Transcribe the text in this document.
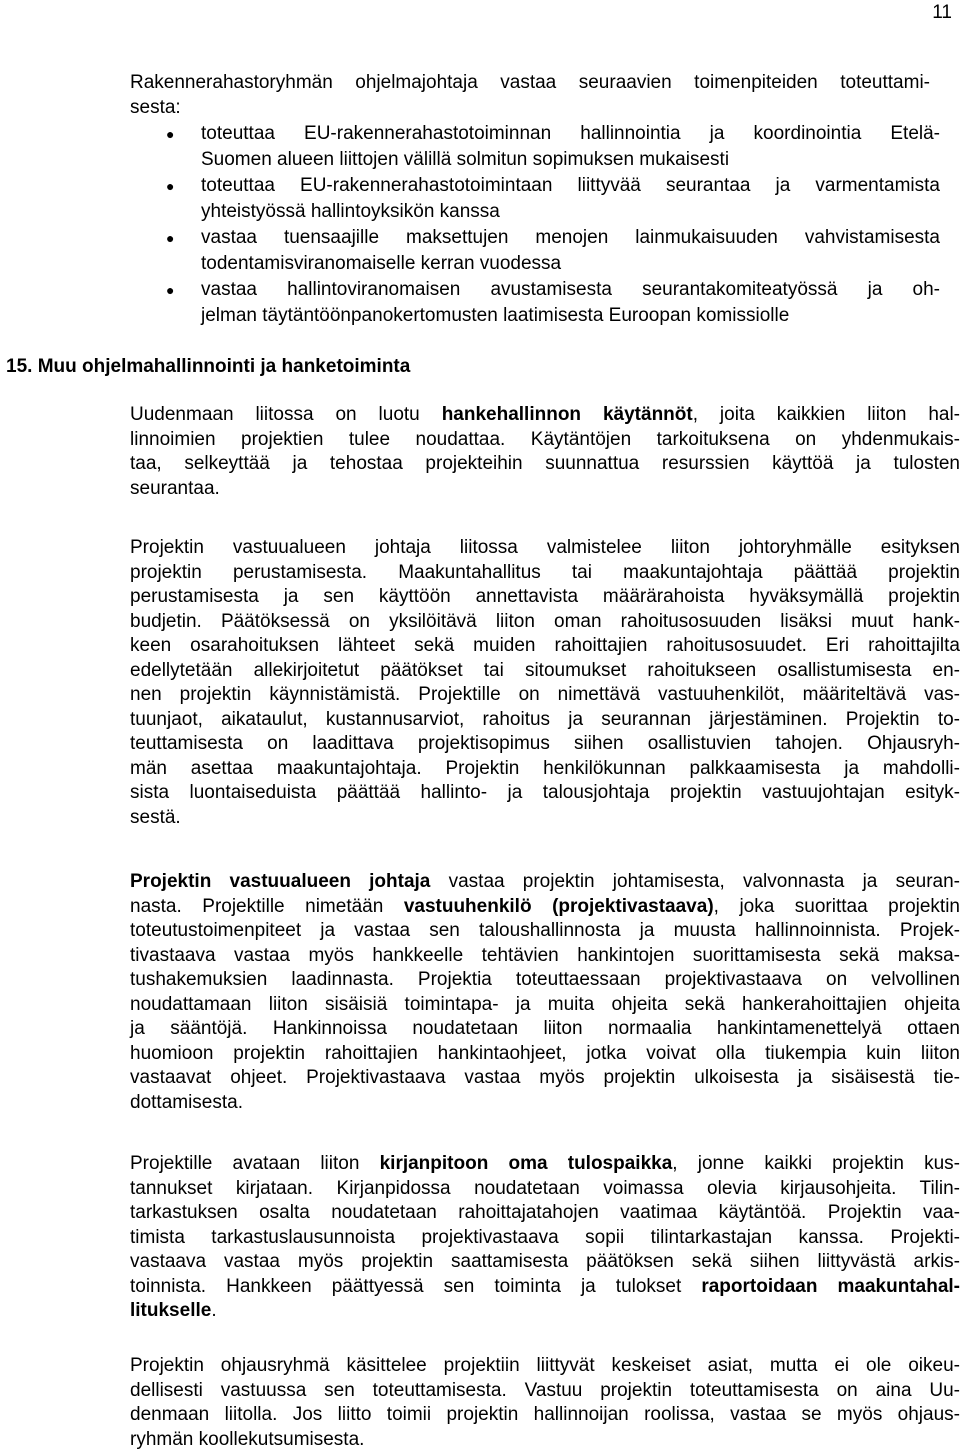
11

Rakennerahastoryhmän ohjelmajohtaja vastaa seuraavien toimenpiteiden toteuttami-
sesta:

● toteuttaa EU-rakennerahastotoiminnan hallinnointia ja koordinointia Etelä-
Suomen alueen liittojen välillä solmitun sopimuksen mukaisesti
● toteuttaa EU-rakennerahastotoimintaan liittyvää seurantaa ja varmentamista
yhteistyössä hallintoyksikön kanssa
● vastaa tuensaajille maksettujen menojen lainmukaisuuden vahvistamisesta
todentamisviranomaiselle kerran vuodessa
● vastaa hallintoviranomaisen avustamisesta seurantakomiteatyössä ja oh-
jelman täytäntöönpanokertomusten laatimisesta Euroopan komissiolle
15. Muu ohjelmahallinnointi ja hanketoiminta

Uudenmaan liitossa on luotu hankehallinnon käytännöt, joita kaikkien liiton hal-
linnoimien projektien tulee noudattaa. Käytäntöjen tarkoituksena on yhdenmukais-
taa, selkeyttää ja tehostaa projekteihin suunnattua resurssien käyttöä ja tulosten
seurantaa.

Projektin vastuualueen johtaja liitossa valmistelee liiton johtoryhmälle esityksen
projektin perustamisesta. Maakuntahallitus tai maakuntajohtaja päättää projektin
perustamisesta ja sen käyttöön annettavista määrärahoista hyväksymällä projektin
budjetin. Päätöksessä on yksilöitävä liiton oman rahoitusosuuden lisäksi muut hank-
keen osarahoituksen lähteet sekä muiden rahoittajien rahoitusosuudet. Eri rahoittajilta
edellytetään allekirjoitetut päätökset tai sitoumukset rahoitukseen osallistumisesta en-
nen projektin käynnistämistä. Projektille on nimettävä vastuuhenkilöt, määriteltävä vas-
tuunjaot, aikataulut, kustannusarviot, rahoitus ja seurannan järjestäminen. Projektin to-
teuttamisesta on laadittava projektisopimus siihen osallistuvien tahojen. Ohjausryh-
män asettaa maakuntajohtaja. Projektin henkilökunnan palkkaamisesta ja mahdolli-
sista luontaiseduista päättää hallinto- ja talousjohtaja projektin vastuujohtajan esityk-
sestä.

Projektin vastuualueen johtaja vastaa projektin johtamisesta, valvonnasta ja seuran-
nasta. Projektille nimetään vastuuhenkilö (projektivastaava), joka suorittaa projektin
toteutustoimenpiteet ja vastaa sen taloushallinnosta ja muusta hallinnoinnista. Projek-
tivastaava vastaa myös hankkeelle tehtävien hankintojen suorittamisesta sekä maksa-
tushakemuksien laadinnasta. Projektia toteuttaessaan projektivastaava on velvollinen
noudattamaan liiton sisäisiä toimintapa- ja muita ohjeita sekä hankerahoittajien ohjeita
ja sääntöjä. Hankinnoissa noudatetaan liiton normaalia hankintamenettelyä ottaen
huomioon projektin rahoittajien hankintaohjeet, jotka voivat olla tiukempia kuin liiton
vastaavat ohjeet. Projektivastaava vastaa myös projektin ulkoisesta ja sisäisestä tie-
dottamisesta.

Projektille avataan liiton kirjanpitoon oma tulospaikka, jonne kaikki projektin kus-
tannukset kirjataan. Kirjanpidossa noudatetaan voimassa olevia kirjausohjeita. Tilin-
tarkastuksen osalta noudatetaan rahoittajatahojen vaatimaa käytäntöä. Projektin vaa-
timista tarkastuslausunnoista projektivastaava sopii tilintarkastajan kanssa. Projekti-
vastaava vastaa myös projektin saattamisesta päätöksen sekä siihen liittyvästä arkis-
toinnista. Hankkeen päättyessä sen toiminta ja tulokset raportoidaan maakuntahal-
litukselle.

Projektin ohjausryhmä käsittelee projektiin liittyvät keskeiset asiat, mutta ei ole oikeu-
dellisesti vastuussa sen toteuttamisesta. Vastuu projektin toteuttamisesta on aina Uu-
denmaan liitolla. Jos liitto toimii projektin hallinnoijan roolissa, vastaa se myös ohjaus-
ryhmän koollekutsumisesta.
